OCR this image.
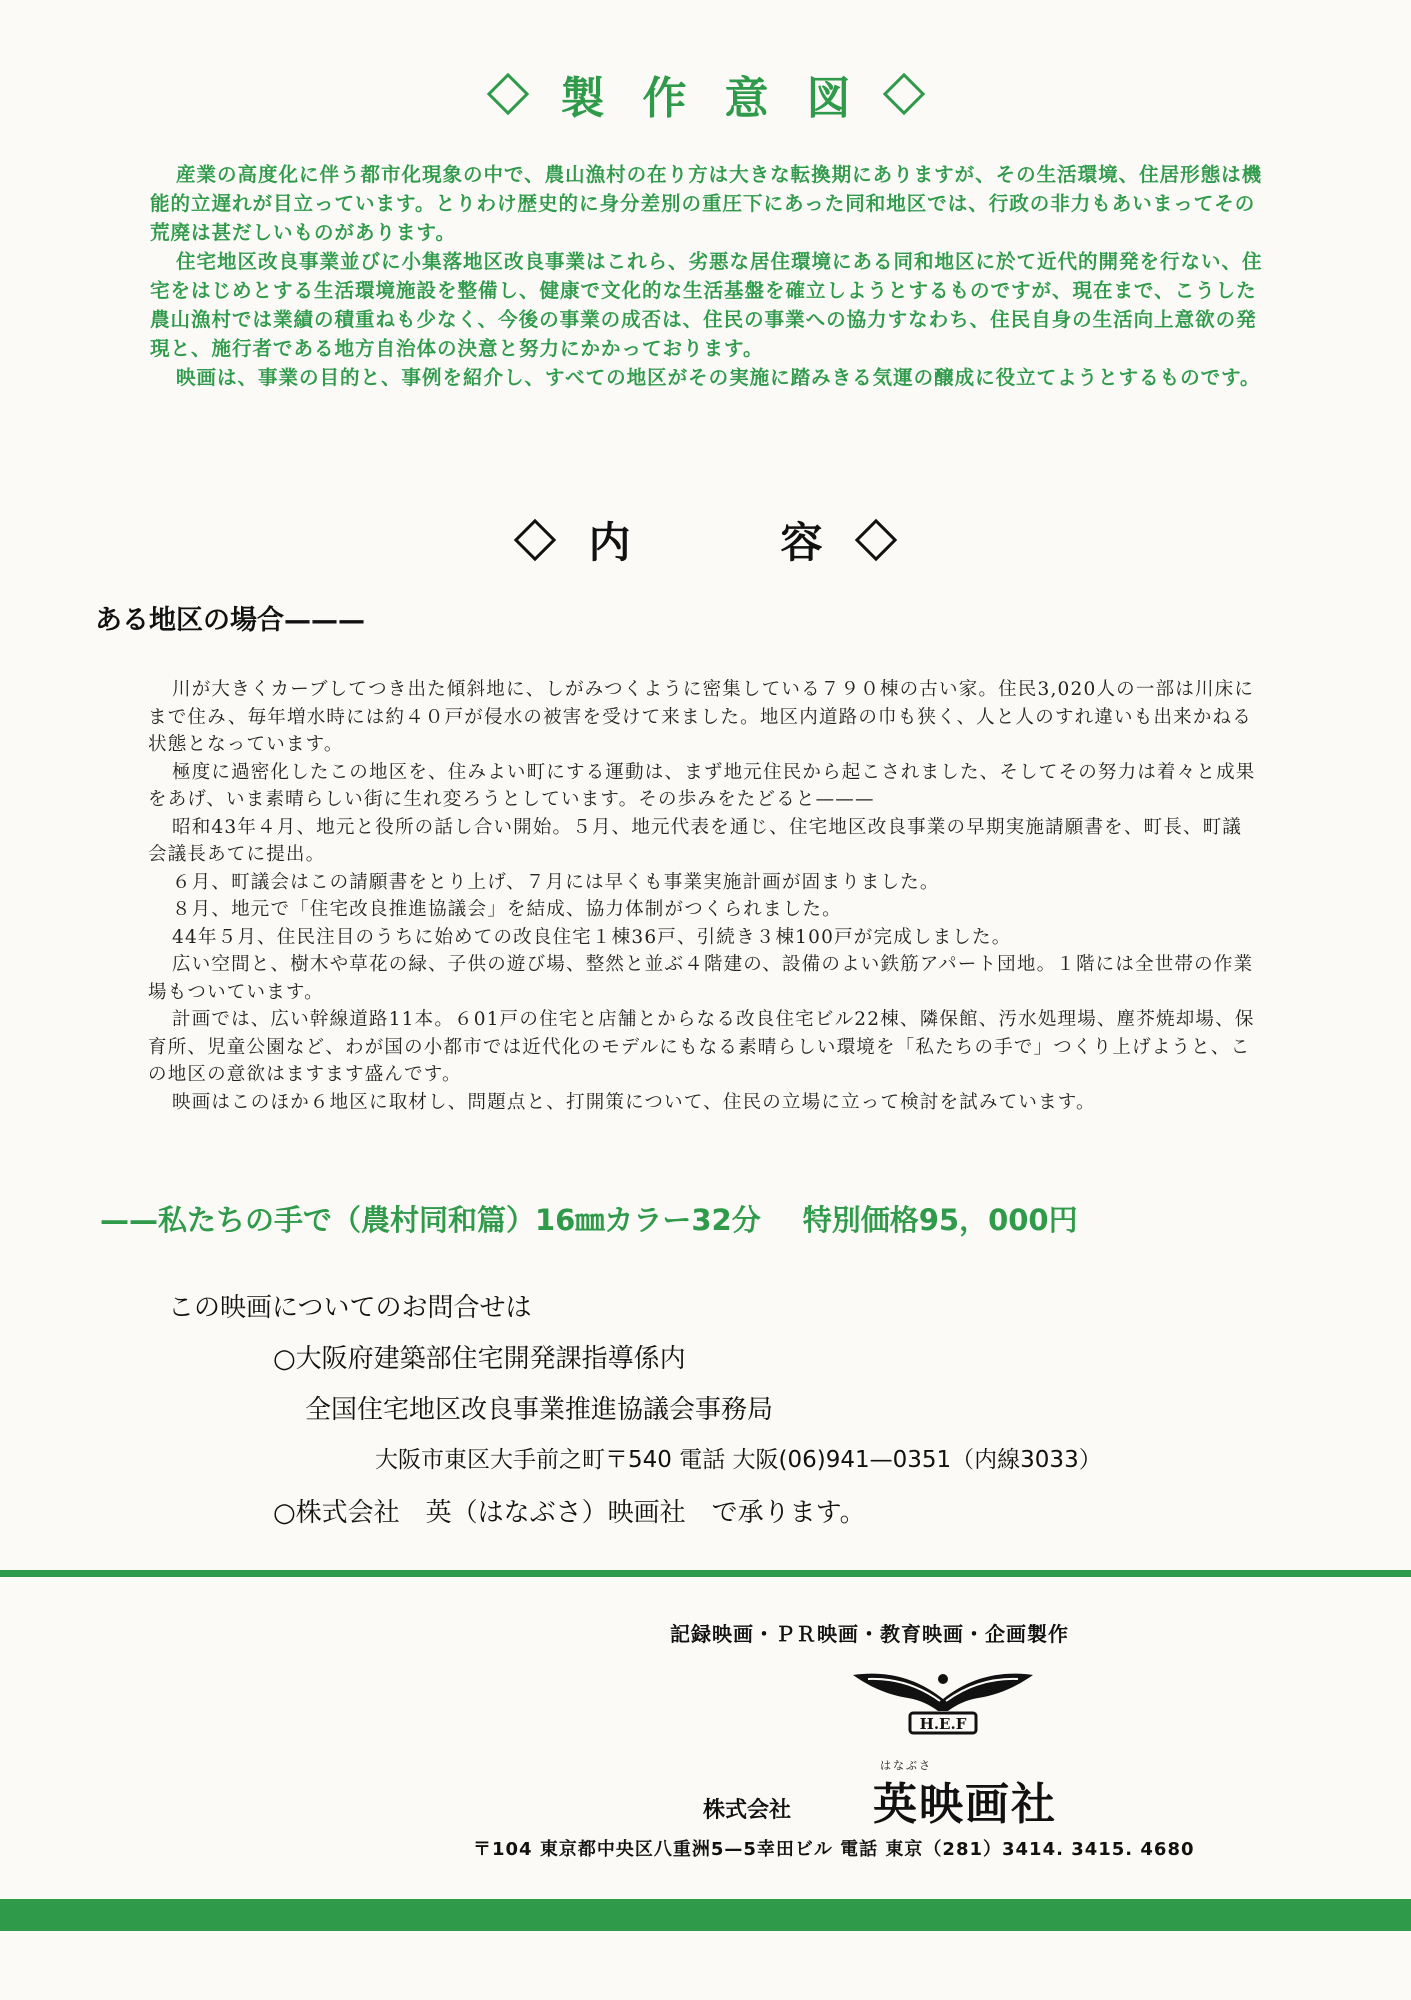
製作意図

産業の高度化に伴う都市化現象の中で、農山漁村の在り方は大きな転換期にありますが、その生活環境、住居形態は機能的立遅れが目立っています。とりわけ歴史的に身分差別の重圧下にあった同和地区では、行政の非力もあいまってその荒廃は甚だしいものがあります。

住宅地区改良事業並びに小集落地区改良事業はこれら、劣悪な居住環境にある同和地区に於て近代的開発を行ない、住宅をはじめとする生活環境施設を整備し、健康で文化的な生活基盤を確立しようとするものですが、現在まで、こうした農山漁村では業績の積重ねも少なく、今後の事業の成否は、住民の事業への協力すなわち、住民自身の生活向上意欲の発現と、施行者である地方自治体の決意と努力にかかっております。

映画は、事業の目的と、事例を紹介し、すべての地区がその実施に踏みきる気運の醸成に役立てようとするものです。

内容
ある地区の場合———

川が大きくカーブしてつき出た傾斜地に、しがみつくように密集している７９０棟の古い家。住民3,020人の一部は川床にまで住み、毎年増水時には約４０戸が侵水の被害を受けて来ました。地区内道路の巾も狭く、人と人のすれ違いも出来かねる状態となっています。

極度に過密化したこの地区を、住みよい町にする運動は、まず地元住民から起こされました、そしてその努力は着々と成果をあげ、いま素晴らしい街に生れ変ろうとしています。その歩みをたどると———

昭和43年４月、地元と役所の話し合い開始。５月、地元代表を通じ、住宅地区改良事業の早期実施請願書を、町長、町議会議長あてに提出。

６月、町議会はこの請願書をとり上げ、７月には早くも事業実施計画が固まりました。

８月、地元で「住宅改良推進協議会」を結成、協力体制がつくられました。

44年５月、住民注目のうちに始めての改良住宅１棟36戸、引続き３棟100戸が完成しました。

広い空間と、樹木や草花の緑、子供の遊び場、整然と並ぶ４階建の、設備のよい鉄筋アパート団地。１階には全世帯の作業場もついています。

計画では、広い幹線道路11本。６01戸の住宅と店舗とからなる改良住宅ビル22棟、隣保館、汚水処理場、塵芥焼却場、保育所、児童公園など、わが国の小都市では近代化のモデルにもなる素晴らしい環境を「私たちの手で」つくり上げようと、この地区の意欲はますます盛んです。

映画はこのほか６地区に取材し、問題点と、打開策について、住民の立場に立って検討を試みています。

——私たちの手で（農村同和篇）16㎜カラー32分 特別価格95，000円
この映画についてのお問合せは
○大阪府建築部住宅開発課指導係内
全国住宅地区改良事業推進協議会事務局
大阪市東区大手前之町〒540 電話 大阪(06)941—0351（内線3033）
○株式会社　英（はなぶさ）映画社　で承ります。
記録映画・ＰＲ映画・教育映画・企画製作
H.E.F
株式会社
はなぶさ
英映画社
〒104 東京都中央区八重洲5—5幸田ビル 電話 東京（281）3414. 3415. 4680
